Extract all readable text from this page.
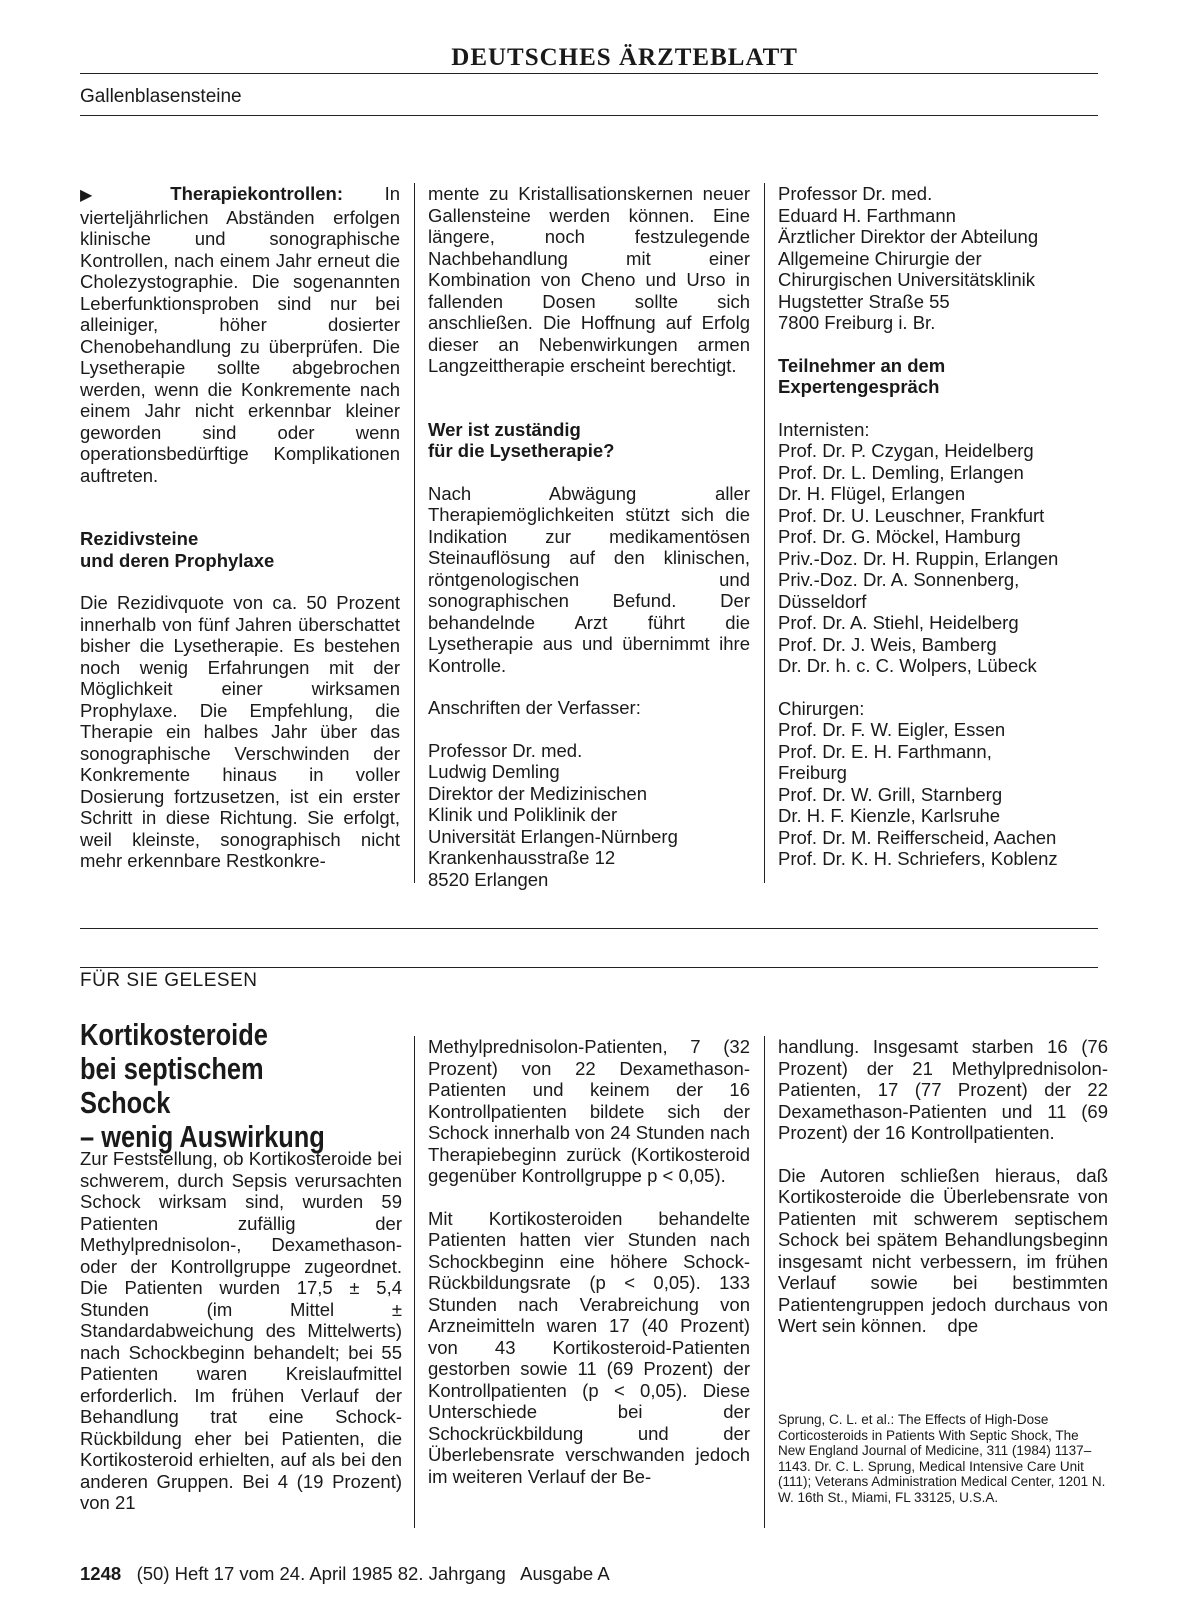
DEUTSCHES ÄRZTEBLATT
Gallenblasensteine

▶ Therapiekontrollen: In vierteljährlichen Abständen erfolgen klinische und sonographische Kontrollen, nach einem Jahr erneut die Cholezystographie. Die sogenannten Leberfunktionsproben sind nur bei alleiniger, höher dosierter Chenobehandlung zu überprüfen. Die Lysetherapie sollte abgebrochen werden, wenn die Konkremente nach einem Jahr nicht erkennbar kleiner geworden sind oder wenn operationsbedürftige Komplikationen auftreten.

Rezidivsteine
und deren Prophylaxe

Die Rezidivquote von ca. 50 Prozent innerhalb von fünf Jahren überschattet bisher die Lysetherapie. Es bestehen noch wenig Erfahrungen mit der Möglichkeit einer wirksamen Prophylaxe. Die Empfehlung, die Therapie ein halbes Jahr über das sonographische Verschwinden der Konkremente hinaus in voller Dosierung fortzusetzen, ist ein erster Schritt in diese Richtung. Sie erfolgt, weil kleinste, sonographisch nicht mehr erkennbare Restkonkre-

mente zu Kristallisationskernen neuer Gallensteine werden können. Eine längere, noch festzulegende Nachbehandlung mit einer Kombination von Cheno und Urso in fallenden Dosen sollte sich anschließen. Die Hoffnung auf Erfolg dieser an Nebenwirkungen armen Langzeittherapie erscheint berechtigt.

Wer ist zuständig
für die Lysetherapie?

Nach Abwägung aller Therapiemöglichkeiten stützt sich die Indikation zur medikamentösen Steinauflösung auf den klinischen, röntgenologischen und sonographischen Befund. Der behandelnde Arzt führt die Lysetherapie aus und übernimmt ihre Kontrolle.

Anschriften der Verfasser:

Professor Dr. med.
Ludwig Demling
Direktor der Medizinischen
Klinik und Poliklinik der
Universität Erlangen-Nürnberg
Krankenhausstraße 12
8520 Erlangen

Professor Dr. med.
Eduard H. Farthmann
Ärztlicher Direktor der Abteilung
Allgemeine Chirurgie der
Chirurgischen Universitätsklinik
Hugstetter Straße 55
7800 Freiburg i. Br.

Teilnehmer an dem
Expertengespräch

Internisten:
Prof. Dr. P. Czygan, Heidelberg
Prof. Dr. L. Demling, Erlangen
Dr. H. Flügel, Erlangen
Prof. Dr. U. Leuschner, Frankfurt
Prof. Dr. G. Möckel, Hamburg
Priv.-Doz. Dr. H. Ruppin, Erlangen
Priv.-Doz. Dr. A. Sonnenberg,
Düsseldorf
Prof. Dr. A. Stiehl, Heidelberg
Prof. Dr. J. Weis, Bamberg
Dr. Dr. h. c. C. Wolpers, Lübeck

Chirurgen:
Prof. Dr. F. W. Eigler, Essen
Prof. Dr. E. H. Farthmann,
Freiburg
Prof. Dr. W. Grill, Starnberg
Dr. H. F. Kienzle, Karlsruhe
Prof. Dr. M. Reifferscheid, Aachen
Prof. Dr. K. H. Schriefers, Koblenz

FÜR SIE GELESEN
Kortikosteroide
bei septischem Schock
– wenig Auswirkung

Zur Feststellung, ob Kortikosteroide bei schwerem, durch Sepsis verursachten Schock wirksam sind, wurden 59 Patienten zufällig der Methylprednisolon-, Dexamethason- oder der Kontrollgruppe zugeordnet. Die Patienten wurden 17,5 ± 5,4 Stunden (im Mittel ± Standardabweichung des Mittelwerts) nach Schockbeginn behandelt; bei 55 Patienten waren Kreislaufmittel erforderlich. Im frühen Verlauf der Behandlung trat eine Schock-Rückbildung eher bei Patienten, die Kortikosteroid erhielten, auf als bei den anderen Gruppen. Bei 4 (19 Prozent) von 21

Methylprednisolon-Patienten, 7 (32 Prozent) von 22 Dexamethason-Patienten und keinem der 16 Kontrollpatienten bildete sich der Schock innerhalb von 24 Stunden nach Therapiebeginn zurück (Kortikosteroid gegenüber Kontrollgruppe p < 0,05).

Mit Kortikosteroiden behandelte Patienten hatten vier Stunden nach Schockbeginn eine höhere Schock-Rückbildungsrate (p < 0,05). 133 Stunden nach Verabreichung von Arzneimitteln waren 17 (40 Prozent) von 43 Kortikosteroid-Patienten gestorben sowie 11 (69 Prozent) der Kontrollpatienten (p < 0,05). Diese Unterschiede bei der Schockrückbildung und der Überlebensrate verschwanden jedoch im weiteren Verlauf der Be-

handlung. Insgesamt starben 16 (76 Prozent) der 21 Methylprednisolon-Patienten, 17 (77 Prozent) der 22 Dexamethason-Patienten und 11 (69 Prozent) der 16 Kontrollpatienten.

Die Autoren schließen hieraus, daß Kortikosteroide die Überlebensrate von Patienten mit schwerem septischem Schock bei spätem Behandlungsbeginn insgesamt nicht verbessern, im frühen Verlauf sowie bei bestimmten Patientengruppen jedoch durchaus von Wert sein können. dpe

Sprung, C. L. et al.: The Effects of High-Dose Corticosteroids in Patients With Septic Shock, The New England Journal of Medicine, 311 (1984) 1137–1143. Dr. C. L. Sprung, Medical Intensive Care Unit (111); Veterans Administration Medical Center, 1201 N. W. 16th St., Miami, FL 33125, U.S.A.
1248 (50) Heft 17 vom 24. April 1985 82. Jahrgang   Ausgabe A
